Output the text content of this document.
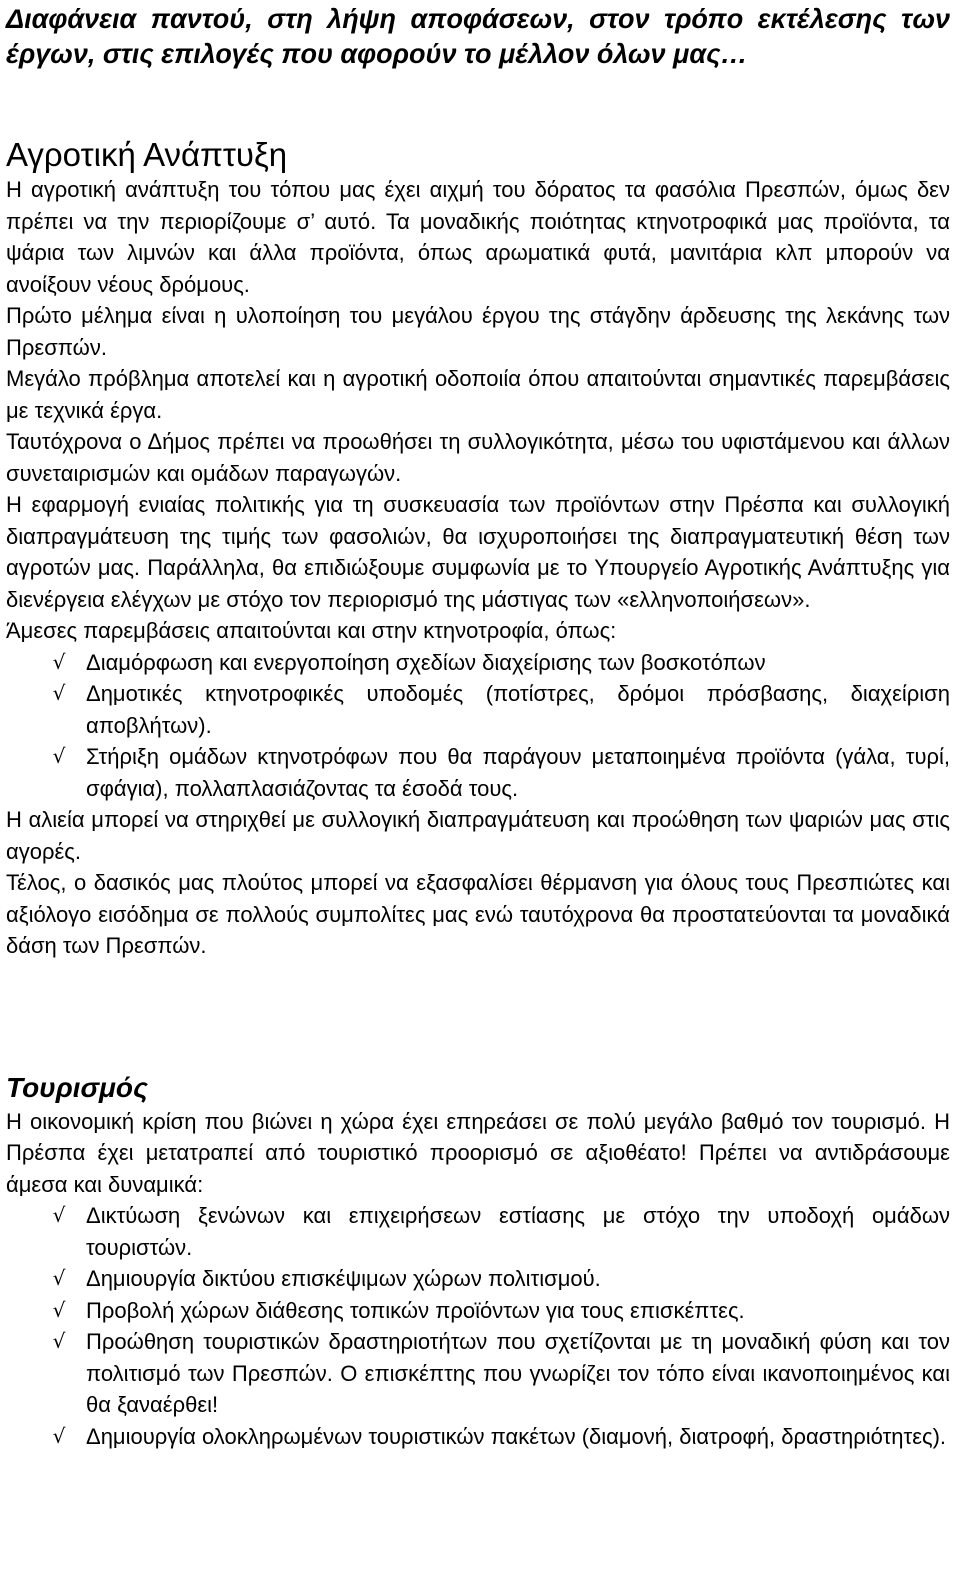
Διαφάνεια παντού, στη λήψη αποφάσεων, στον τρόπο εκτέλεσης των έργων, στις επιλογές που αφορούν το μέλλον όλων μας…

Αγροτική Ανάπτυξη

Η αγροτική ανάπτυξη του τόπου μας έχει αιχμή του δόρατος τα φασόλια Πρεσπών, όμως δεν πρέπει να την περιορίζουμε σ’ αυτό. Τα μοναδικής ποιότητας κτηνοτροφικά μας προϊόντα, τα ψάρια των λιμνών και άλλα προϊόντα, όπως αρωματικά φυτά, μανιτάρια κλπ μπορούν να ανοίξουν νέους δρόμους.

Πρώτο μέλημα είναι η υλοποίηση του μεγάλου έργου της στάγδην άρδευσης της λεκάνης των Πρεσπών.

Μεγάλο πρόβλημα αποτελεί και η αγροτική οδοποιία όπου απαιτούνται σημαντικές παρεμβάσεις με τεχνικά έργα.

Ταυτόχρονα ο Δήμος πρέπει να προωθήσει τη συλλογικότητα, μέσω του υφιστάμενου και άλλων συνεταιρισμών και ομάδων παραγωγών.

Η εφαρμογή ενιαίας πολιτικής για τη συσκευασία των προϊόντων στην Πρέσπα και συλλογική διαπραγμάτευση της τιμής των φασολιών, θα ισχυροποιήσει της διαπραγματευτική θέση των αγροτών μας. Παράλληλα, θα επιδιώξουμε συμφωνία με το Υπουργείο Αγροτικής Ανάπτυξης για διενέργεια ελέγχων με στόχο τον περιορισμό της μάστιγας των «ελληνοποιήσεων».

Άμεσες παρεμβάσεις απαιτούνται και στην κτηνοτροφία, όπως:

√ Διαμόρφωση και ενεργοποίηση σχεδίων διαχείρισης των βοσκοτόπων
√ Δημοτικές κτηνοτροφικές υποδομές (ποτίστρες, δρόμοι πρόσβασης, διαχείριση αποβλήτων).
√ Στήριξη ομάδων κτηνοτρόφων που θα παράγουν μεταποιημένα προϊόντα (γάλα, τυρί, σφάγια), πολλαπλασιάζοντας τα έσοδά τους.

Η αλιεία μπορεί να στηριχθεί με συλλογική διαπραγμάτευση και προώθηση των ψαριών μας στις αγορές.

Τέλος, ο δασικός μας πλούτος μπορεί να εξασφαλίσει θέρμανση για όλους τους Πρεσπιώτες και αξιόλογο εισόδημα σε πολλούς συμπολίτες μας ενώ ταυτόχρονα θα προστατεύονται τα μοναδικά δάση των Πρεσπών.

Τουρισμός

Η οικονομική κρίση που βιώνει η χώρα έχει επηρεάσει σε πολύ μεγάλο βαθμό τον τουρισμό. Η Πρέσπα έχει μετατραπεί από τουριστικό προορισμό σε αξιοθέατο! Πρέπει να αντιδράσουμε άμεσα και δυναμικά:

√ Δικτύωση ξενώνων και επιχειρήσεων εστίασης με στόχο την υποδοχή ομάδων τουριστών.
√ Δημιουργία δικτύου επισκέψιμων χώρων πολιτισμού.
√ Προβολή χώρων διάθεσης τοπικών προϊόντων για τους επισκέπτες.
√ Προώθηση τουριστικών δραστηριοτήτων που σχετίζονται με τη μοναδική φύση και τον πολιτισμό των Πρεσπών. Ο επισκέπτης που γνωρίζει τον τόπο είναι ικανοποιημένος και θα ξαναέρθει!
√ Δημιουργία ολοκληρωμένων τουριστικών πακέτων (διαμονή, διατροφή, δραστηριότητες).
